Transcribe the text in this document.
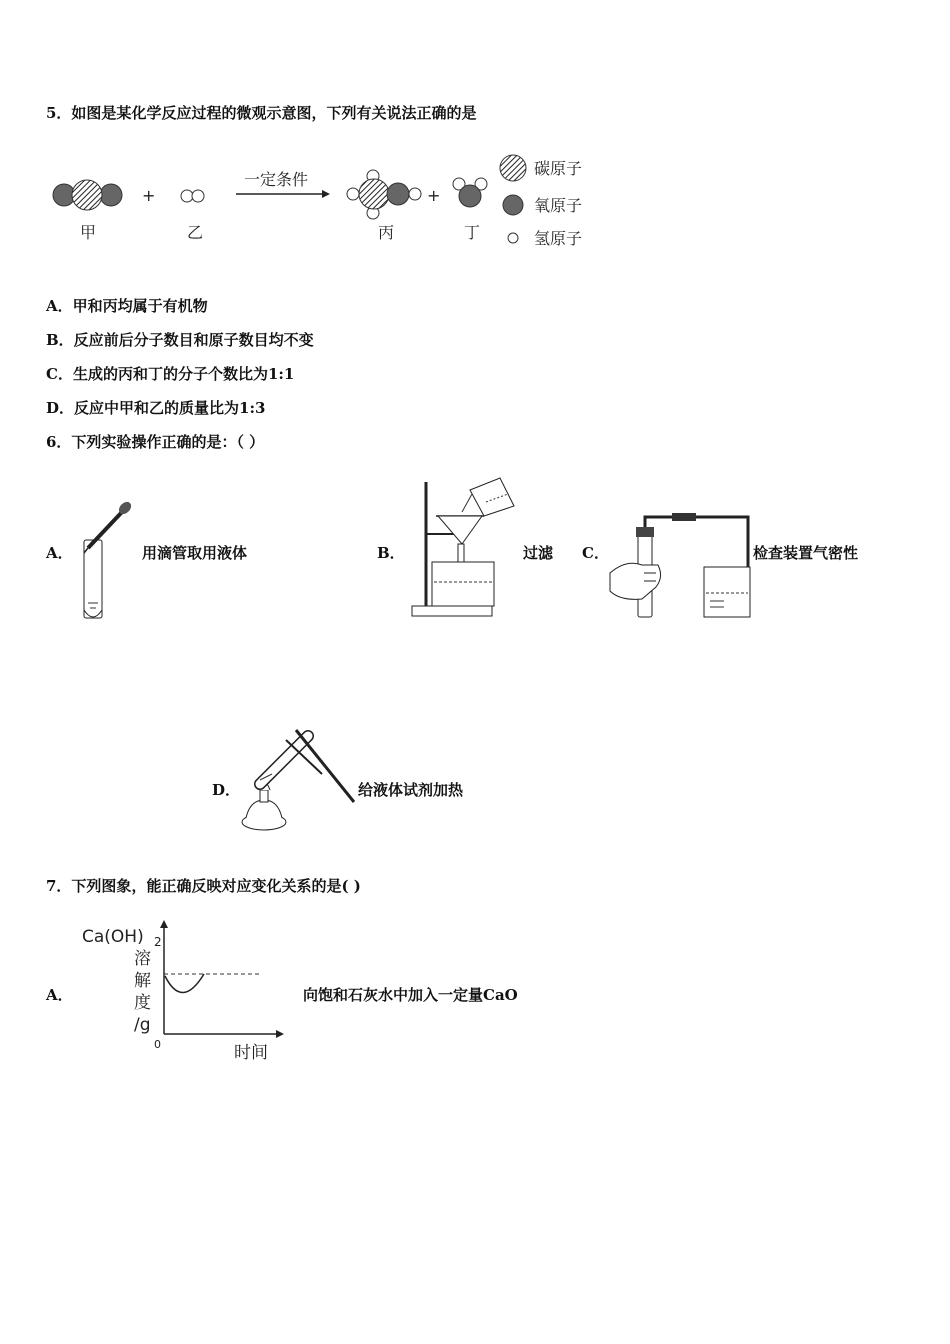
5．如图是某化学反应过程的微观示意图，下列有关说法正确的是
+
一定条件
+
甲	乙	丙	丁
碳原子
氧原子
氢原子
A．甲和丙均属于有机物
B．反应前后分子数目和原子数目均不变
C．生成的丙和丁的分子个数比为1:1
D．反应中甲和乙的质量比为1:3
6．下列实验操作正确的是：（ ）
A．	用滴管取用液体	B．	过滤 C．	检查装置气密性
D．	给液体试剂加热
7．下列图象，能正确反映对应变化关系的是( )
A．
Ca(OH) 2
溶
解
度
/g
0	时间
向饱和石灰水中加入一定量CaO
